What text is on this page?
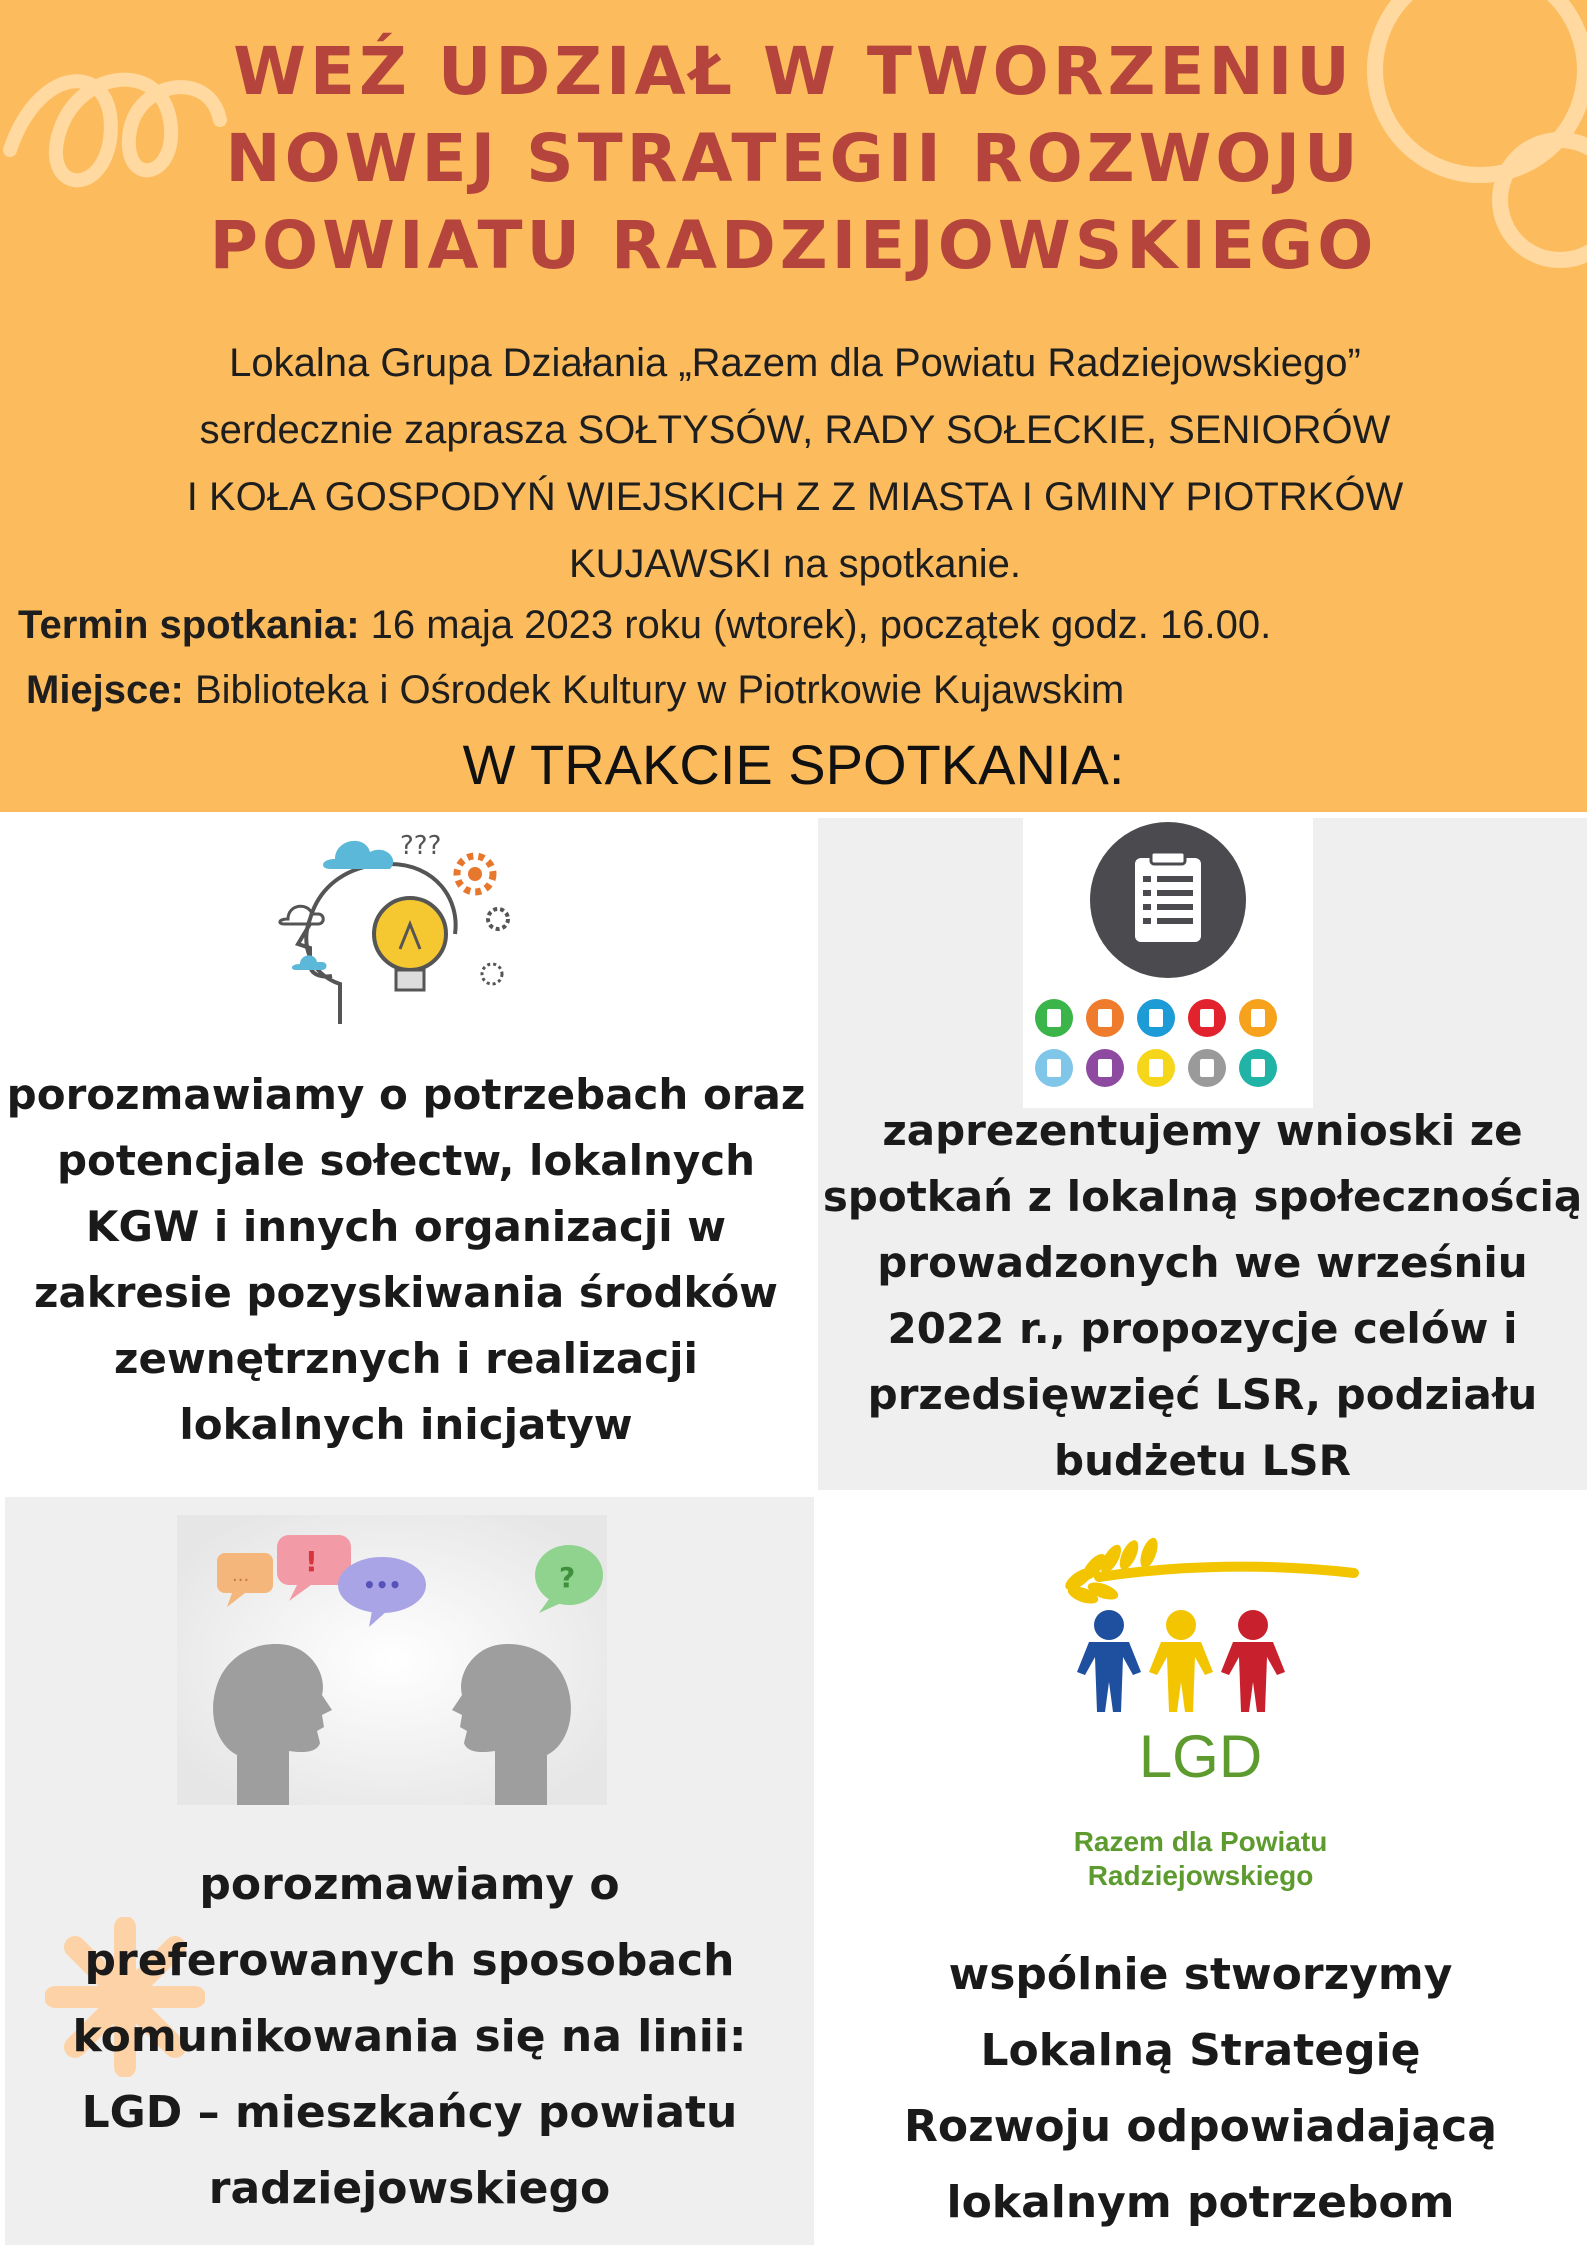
WEŹ UDZIAŁ W TWORZENIU
NOWEJ STRATEGII ROZWOJU
POWIATU RADZIEJOWSKIEGO
Lokalna Grupa Działania „Razem dla Powiatu Radziejowskiego”
serdecznie zaprasza SOŁTYSÓW, RADY SOŁECKIE, SENIORÓW
I KOŁA GOSPODYŃ WIEJSKICH Z Z MIASTA I GMINY PIOTRKÓW
KUJAWSKI na spotkanie.
Termin spotkania: 16 maja 2023 roku (wtorek), początek godz. 16.00.
Miejsce: Biblioteka i Ośrodek Kultury w Piotrkowie Kujawskim
W TRAKCIE SPOTKANIA:
???
porozmawiamy o potrzebach oraz
potencjale sołectw, lokalnych
KGW i innych organizacji w
zakresie pozyskiwania środków
zewnętrznych i realizacji
lokalnych inicjatyw
zaprezentujemy wnioski ze
spotkań z lokalną społecznością
prowadzonych we wrześniu
2022 r., propozycje celów i
przedsięwzięć LSR, podziału
budżetu LSR
... !
•••	?
porozmawiamy o
preferowanych sposobach
komunikowania się na linii:
LGD – mieszkańcy powiatu
radziejowskiego
LGD
Razem dla Powiatu
Radziejowskiego
wspólnie stworzymy
Lokalną Strategię
Rozwoju odpowiadającą
lokalnym potrzebom
